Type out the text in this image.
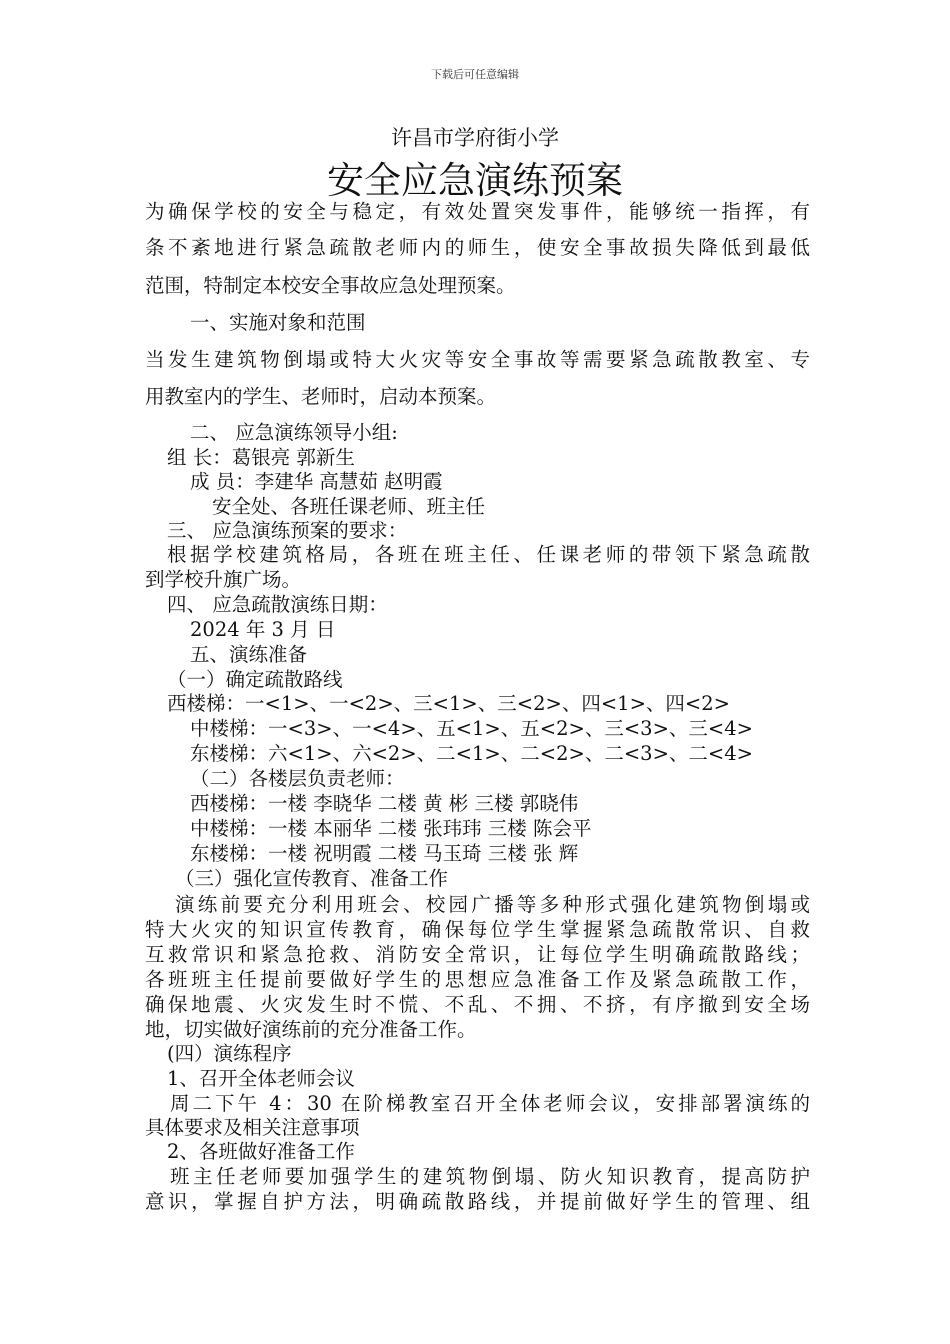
下载后可任意编辑
许昌市学府街小学
安全应急演练预案
为确保学校的安全与稳定，有效处置突发事件，能够统一指挥，有
条不紊地进行紧急疏散老师内的师生，使安全事故损失降低到最低
范围，特制定本校安全事故应急处理预案。
一、实施对象和范围
当发生建筑物倒塌或特大火灾等安全事故等需要紧急疏散教室、专
用教室内的学生、老师时，启动本预案。
二、 应急演练领导小组:
组 长：葛银亮 郭新生
成 员：李建华 高慧茹 赵明霞
安全处、各班任课老师、班主任
三、 应急演练预案的要求：
根据学校建筑格局，各班在班主任、任课老师的带领下紧急疏散
到学校升旗广场。
四、 应急疏散演练日期：
2024 年 3 月 日
五、演练准备
（一）确定疏散路线
西楼梯：一<1>、一<2>、三<1>、三<2>、四<1>、四<2>
中楼梯：一<3>、一<4>、五<1>、五<2>、三<3>、三<4>
东楼梯：六<1>、六<2>、二<1>、二<2>、二<3>、二<4>
（二）各楼层负责老师：
西楼梯：一楼 李晓华 二楼 黄 彬 三楼 郭晓伟
中楼梯：一楼 本丽华 二楼 张玮玮 三楼 陈会平
东楼梯：一楼 祝明霞 二楼 马玉琦 三楼 张 辉
（三）强化宣传教育、准备工作
演练前要充分利用班会、校园广播等多种形式强化建筑物倒塌或
特大火灾的知识宣传教育，确保每位学生掌握紧急疏散常识、自救
互救常识和紧急抢救、消防安全常识，让每位学生明确疏散路线；
各班班主任提前要做好学生的思想应急准备工作及紧急疏散工作，
确保地震、火灾发生时不慌、不乱、不拥、不挤，有序撤到安全场
地，切实做好演练前的充分准备工作。
(四）演练程序
1、召开全体老师会议
周二下午 4：30 在阶梯教室召开全体老师会议，安排部署演练的
具体要求及相关注意事项
2、各班做好准备工作
班主任老师要加强学生的建筑物倒塌、防火知识教育，提高防护
意识，掌握自护方法，明确疏散路线，并提前做好学生的管理、组
